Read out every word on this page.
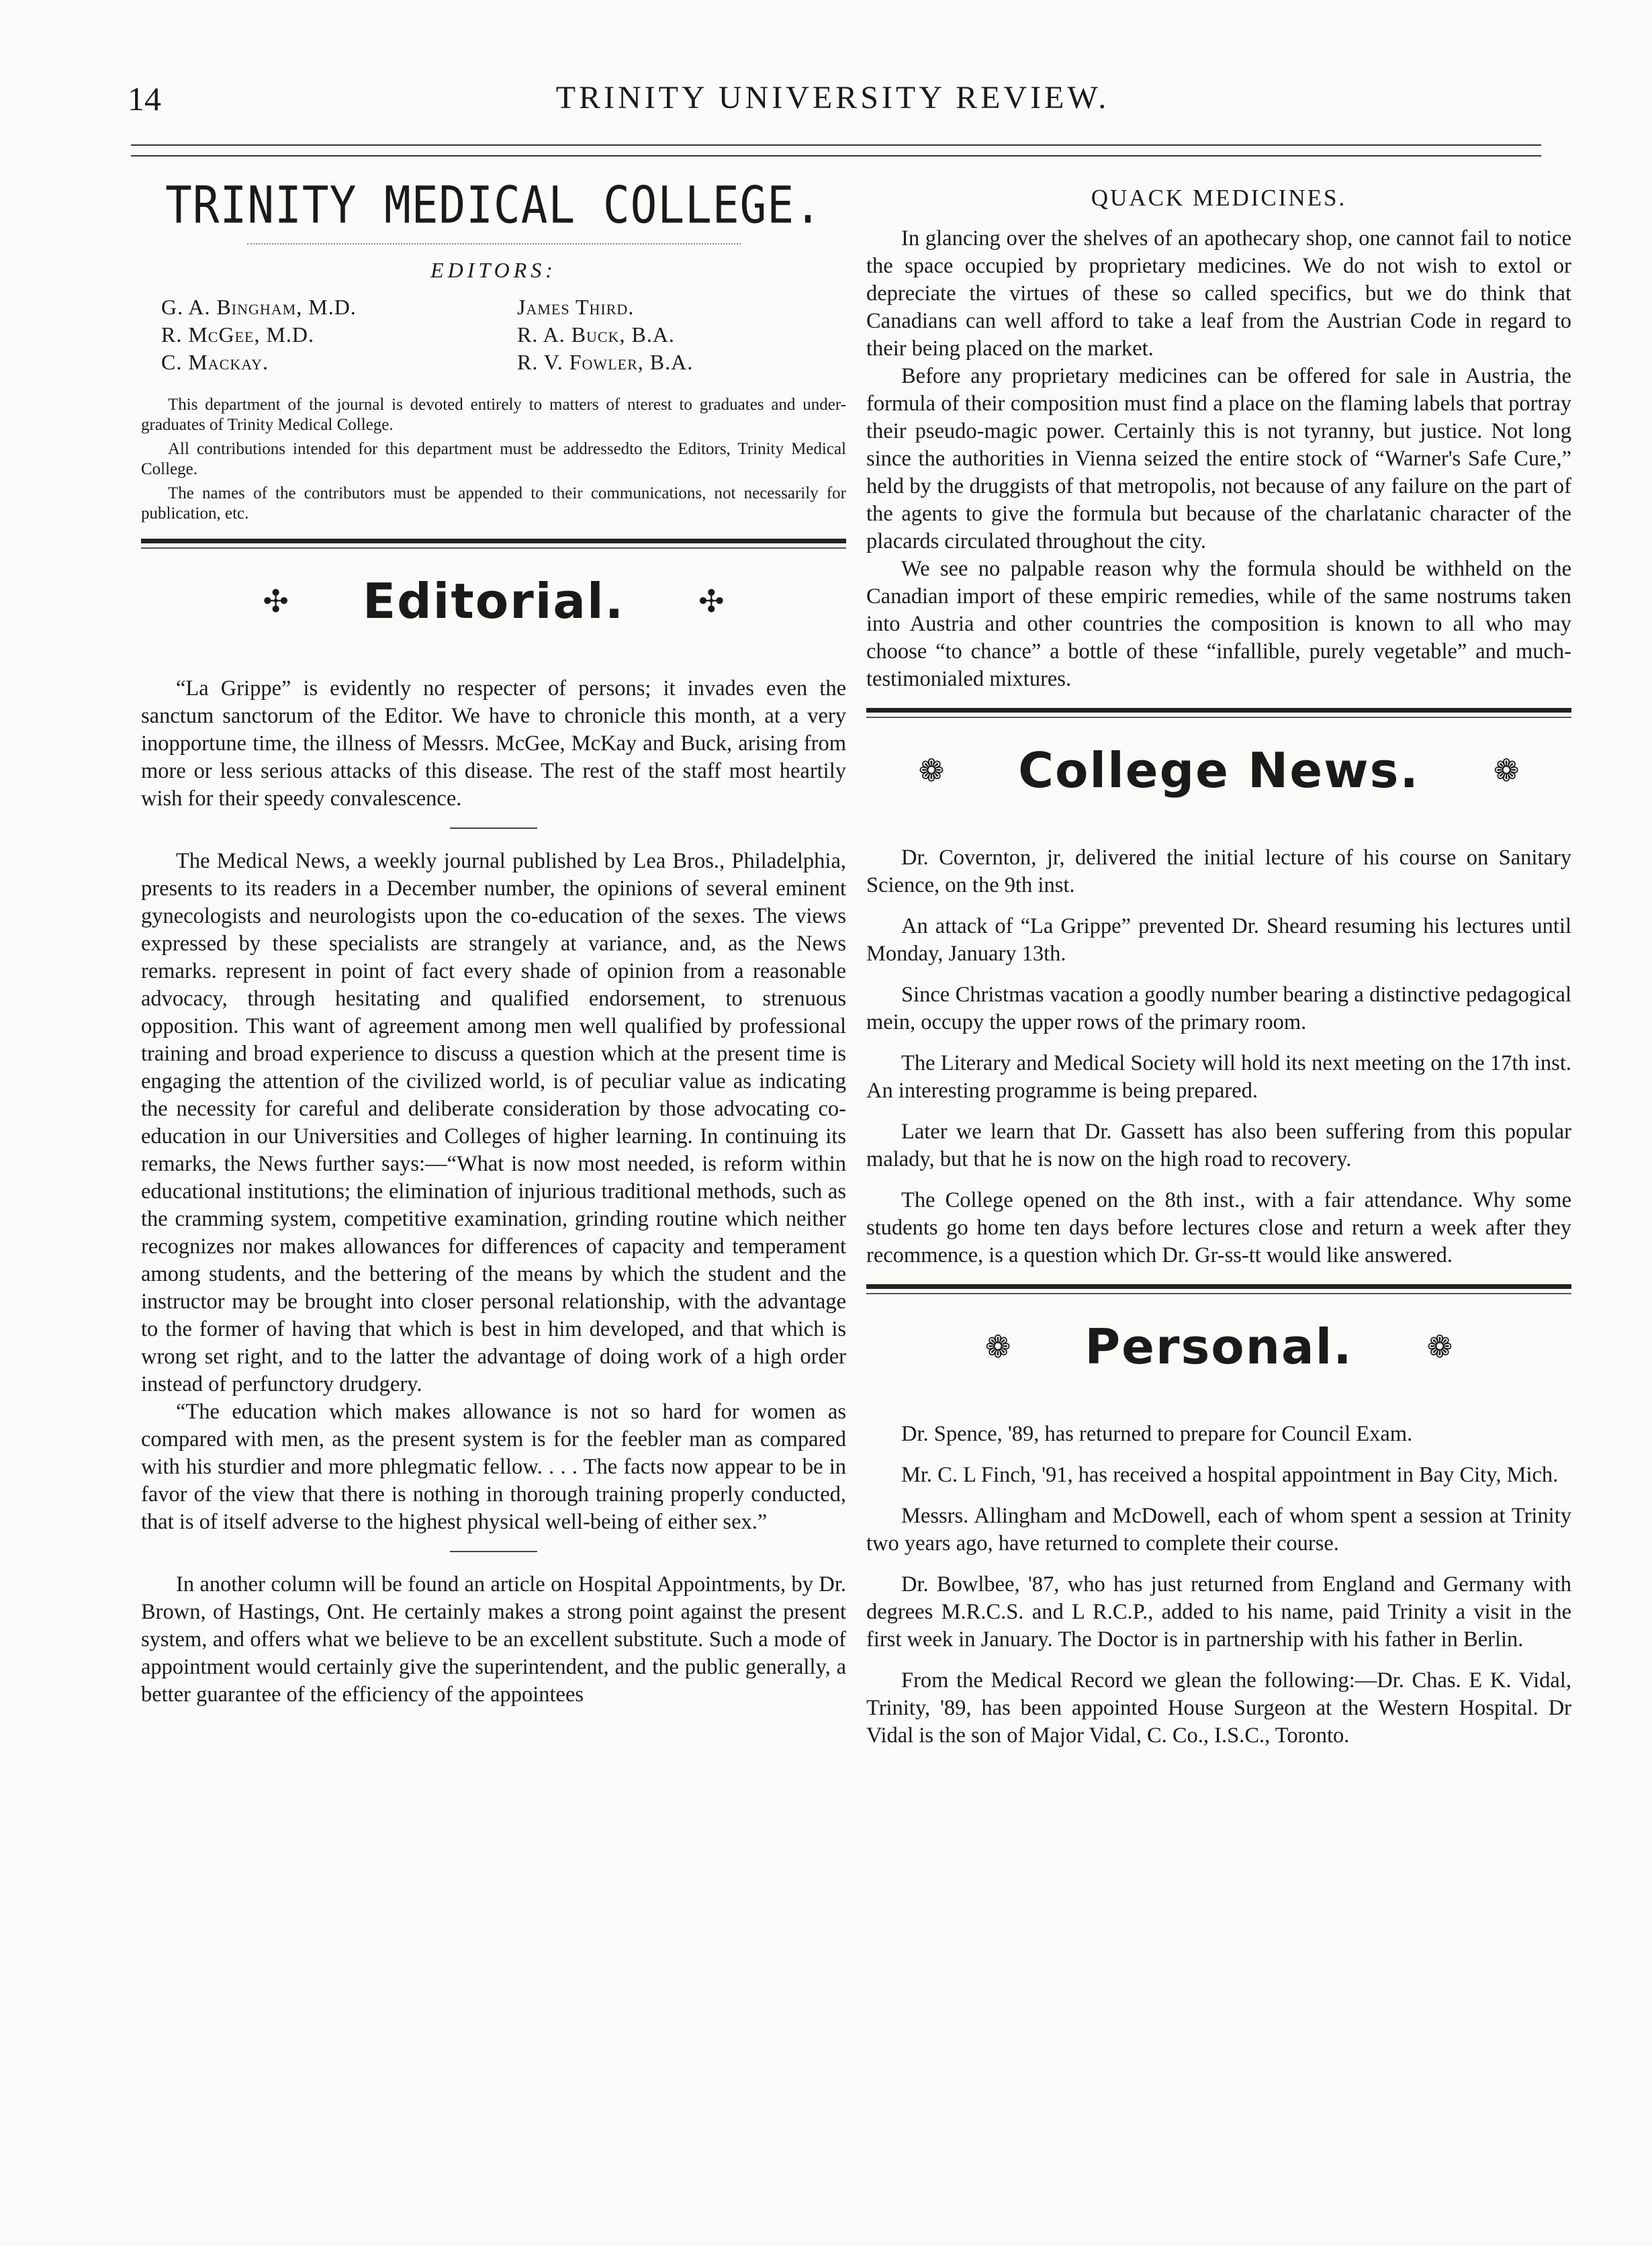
14	TRINITY UNIVERSITY REVIEW.
TRINITY MEDICAL COLLEGE.
EDITORS:
G. A. Bingham, M.D.	James Third.
R. McGee, M.D.	R. A. Buck, B.A.
C. Mackay.	R. V. Fowler, B.A.

This department of the journal is devoted entirely to matters of nterest to graduates and under-graduates of Trinity Medical College.

All contributions intended for this department must be addressedto the Editors, Trinity Medical College.

The names of the contributors must be appended to their communications, not necessarily for publication, etc.

✣ Editorial. ✣

“La Grippe” is evidently no respecter of persons; it invades even the sanctum sanctorum of the Editor. We have to chronicle this month, at a very inopportune time, the illness of Messrs. McGee, McKay and Buck, arising from more or less serious attacks of this disease. The rest of the staff most heartily wish for their speedy convalescence.

The Medical News, a weekly journal published by Lea Bros., Philadelphia, presents to its readers in a December number, the opinions of several eminent gynecologists and neurologists upon the co-education of the sexes. The views expressed by these specialists are strangely at variance, and, as the News remarks. represent in point of fact every shade of opinion from a reasonable advocacy, through hesitating and qualified endorsement, to strenuous opposition. This want of agreement among men well qualified by professional training and broad experience to discuss a question which at the present time is engaging the attention of the civilized world, is of peculiar value as indicating the necessity for careful and deliberate consideration by those advocating co-education in our Universities and Colleges of higher learning. In continuing its remarks, the News further says:—“What is now most needed, is reform within educational institutions; the elimination of injurious traditional methods, such as the cramming system, competitive examination, grinding routine which neither recognizes nor makes allowances for differences of capacity and temperament among students, and the bettering of the means by which the student and the instructor may be brought into closer personal relationship, with the advantage to the former of having that which is best in him developed, and that which is wrong set right, and to the latter the advantage of doing work of a high order instead of perfunctory drudgery.

“The education which makes allowance is not so hard for women as compared with men, as the present system is for the feebler man as compared with his sturdier and more phlegmatic fellow. . . . The facts now appear to be in favor of the view that there is nothing in thorough training properly conducted, that is of itself adverse to the highest physical well-being of either sex.”

In another column will be found an article on Hospital Appointments, by Dr. Brown, of Hastings, Ont. He certainly makes a strong point against the present system, and offers what we believe to be an excellent substitute. Such a mode of appointment would certainly give the superintendent, and the public generally, a better guarantee of the efficiency of the appointees

QUACK MEDICINES.

In glancing over the shelves of an apothecary shop, one cannot fail to notice the space occupied by proprietary medicines. We do not wish to extol or depreciate the virtues of these so called specifics, but we do think that Canadians can well afford to take a leaf from the Austrian Code in regard to their being placed on the market.

Before any proprietary medicines can be offered for sale in Austria, the formula of their composition must find a place on the flaming labels that portray their pseudo-magic power. Certainly this is not tyranny, but justice. Not long since the authorities in Vienna seized the entire stock of “Warner's Safe Cure,” held by the druggists of that metropolis, not because of any failure on the part of the agents to give the formula but because of the charlatanic character of the placards circulated throughout the city.

We see no palpable reason why the formula should be withheld on the Canadian import of these empiric remedies, while of the same nostrums taken into Austria and other countries the composition is known to all who may choose “to chance” a bottle of these “infallible, purely vegetable” and much-testimonialed mixtures.

❁ College News. ❁

Dr. Covernton, jr, delivered the initial lecture of his course on Sanitary Science, on the 9th inst.

An attack of “La Grippe” prevented Dr. Sheard resuming his lectures until Monday, January 13th.

Since Christmas vacation a goodly number bearing a distinctive pedagogical mein, occupy the upper rows of the primary room.

The Literary and Medical Society will hold its next meeting on the 17th inst. An interesting programme is being prepared.

Later we learn that Dr. Gassett has also been suffering from this popular malady, but that he is now on the high road to recovery.

The College opened on the 8th inst., with a fair attendance. Why some students go home ten days before lectures close and return a week after they recommence, is a question which Dr. Gr-ss-tt would like answered.

❁ Personal. ❁

Dr. Spence, '89, has returned to prepare for Council Exam.

Mr. C. L Finch, '91, has received a hospital appointment in Bay City, Mich.

Messrs. Allingham and McDowell, each of whom spent a session at Trinity two years ago, have returned to complete their course.

Dr. Bowlbee, '87, who has just returned from England and Germany with degrees M.R.C.S. and L R.C.P., added to his name, paid Trinity a visit in the first week in January. The Doctor is in partnership with his father in Berlin.

From the Medical Record we glean the following:—Dr. Chas. E K. Vidal, Trinity, '89, has been appointed House Surgeon at the Western Hospital. Dr Vidal is the son of Major Vidal, C. Co., I.S.C., Toronto.
